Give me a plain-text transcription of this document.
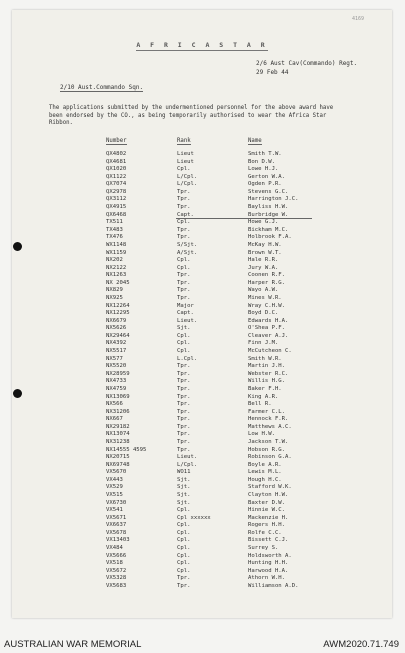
4169
A F R I C A S T A R
2/6 Aust Cav(Commando) Regt.
29 Feb 44
2/10 Aust.Commando Sqn.
The applications submitted by the undermentioned personnel for the above award have been endorsed by the CO., as being temporarily authorised to wear the Africa Star Ribbon.
Number	Rank	Name
QX4802	Lieut	Smith T.W.
QX4681	Lieut	Bon D.W.
QX1020	Cpl.	Lowe H.J.
QX1122	L/Cpl.	Gerton W.A.
QX7074	L/Cpl.	Ogden P.R.
QX2978	Tpr.	Stevens G.C.
QX3112	Tpr.	Harrington J.C.
QX4915	Tpr.	Bayliss H.W.
QX6468	Capt.	Burbridge W.
TX511	Cpl.	Howe G.J.
TX483	Tpr.	Bickham M.C.
TX476	Tpr.	Holbrook F.A.
WX1148	S/Sjt.	McKay H.W.
WX1159	A/Sjt.	Brown W.T.
NX202	Cpl.	Hale R.R.
NX2122	Cpl.	Jury W.A.
NX1263	Tpr.	Coonen R.F.
NX 2045	Tpr.	Harper R.G.
NX829	Tpr.	Wayo A.W.
NX925	Tpr.	Mines W.R.
NX12264	Major	Wray C.H.W.
NX12295	Capt.	Boyd D.C.
NX6679	Lieut.	Edwards H.A.
NX5626	Sjt.	O'Shea P.F.
NX29464	Cpl.	Cleaver A.J.
NX4392	Cpl.	Finn J.M.
NX5517	Cpl.	McCutcheon C.
NX577	L.Cpl.	Smith W.R.
NX5520	Tpr.	Martin J.H.
NX28959	Tpr.	Webster R.C.
NX4733	Tpr.	Willis H.G.
NX4759	Tpr.	Baker F.H.
NX13069	Tpr.	King A.R.
NX566	Tpr.	Bell R.
NX31206	Tpr.	Farmer C.L.
NX667	Tpr.	Hennock F.R.
NX29182	Tpr.	Matthews A.C.
NX13074	Tpr.	Low H.W.
NX31238	Tpr.	Jackson T.W.
NX14555 4595	Tpr.	Hobson R.G.
NX20715	Lieut.	Robinson G.A.
NX69748	L/Cpl.	Boyle A.R.
VX5670	WO11	Lewis M.L.
VX443	Sjt.	Hough H.C.
VX529	Sjt.	Stafford W.K.
VX515	Sjt.	Clayton H.W.
VX6730	Sjt.	Baxter D.W.
VX541	Cpl.	Hinnie W.C.
VX5671	Cpl xxxxxx	Mackenzie H.
VX6637	Cpl.	Rogers H.H.
VX5678	Cpl.	Rolfe C.C.
VX13403	Cpl.	Bissett C.J.
VX484	Cpl.	Surrey S.
VX5666	Cpl.	Holdsworth A.
VX518	Cpl.	Hunting H.H.
VX5672	Cpl.	Harwood H.A.
VX5328	Tpr.	Athorn W.H.
VX5683	Tpr.	Williamson A.D.
AUSTRALIAN WAR MEMORIAL	AWM2020.71.749
